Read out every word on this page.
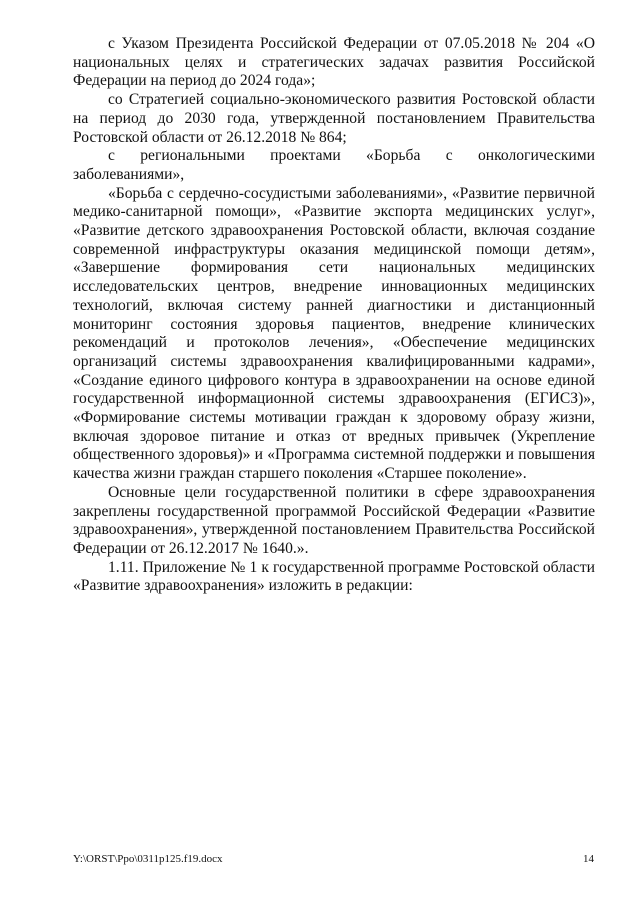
с Указом Президента Российской Федерации от 07.05.2018 № 204 «О национальных целях и стратегических задачах развития Российской Федерации на период до 2024 года»;

со Стратегией социально-экономического развития Ростовской области на период до 2030 года, утвержденной постановлением Правительства Ростовской области от 26.12.2018 № 864;

с региональными проектами «Борьба с онкологическими заболеваниями»,

«Борьба с сердечно-сосудистыми заболеваниями», «Развитие первичной медико-санитарной помощи», «Развитие экспорта медицинских услуг», «Развитие детского здравоохранения Ростовской области, включая создание современной инфраструктуры оказания медицинской помощи детям», «Завершение формирования сети национальных медицинских исследовательских центров, внедрение инновационных медицинских технологий, включая систему ранней диагностики и дистанционный мониторинг состояния здоровья пациентов, внедрение клинических рекомендаций и протоколов лечения», «Обеспечение медицинских организаций системы здравоохранения квалифицированными кадрами», «Создание единого цифрового контура в здравоохранении на основе единой государственной информационной системы здравоохранения (ЕГИСЗ)», «Формирование системы мотивации граждан к здоровому образу жизни, включая здоровое питание и отказ от вредных привычек (Укрепление общественного здоровья)» и «Программа системной поддержки и повышения качества жизни граждан старшего поколения «Старшее поколение».

Основные цели государственной политики в сфере здравоохранения закреплены государственной программой Российской Федерации «Развитие здравоохранения», утвержденной постановлением Правительства Российской Федерации от 26.12.2017 № 1640.».

1.11. Приложение № 1 к государственной программе Ростовской области «Развитие здравоохранения» изложить в редакции:

Y:\ORST\Ppo\0311p125.f19.docx	14
